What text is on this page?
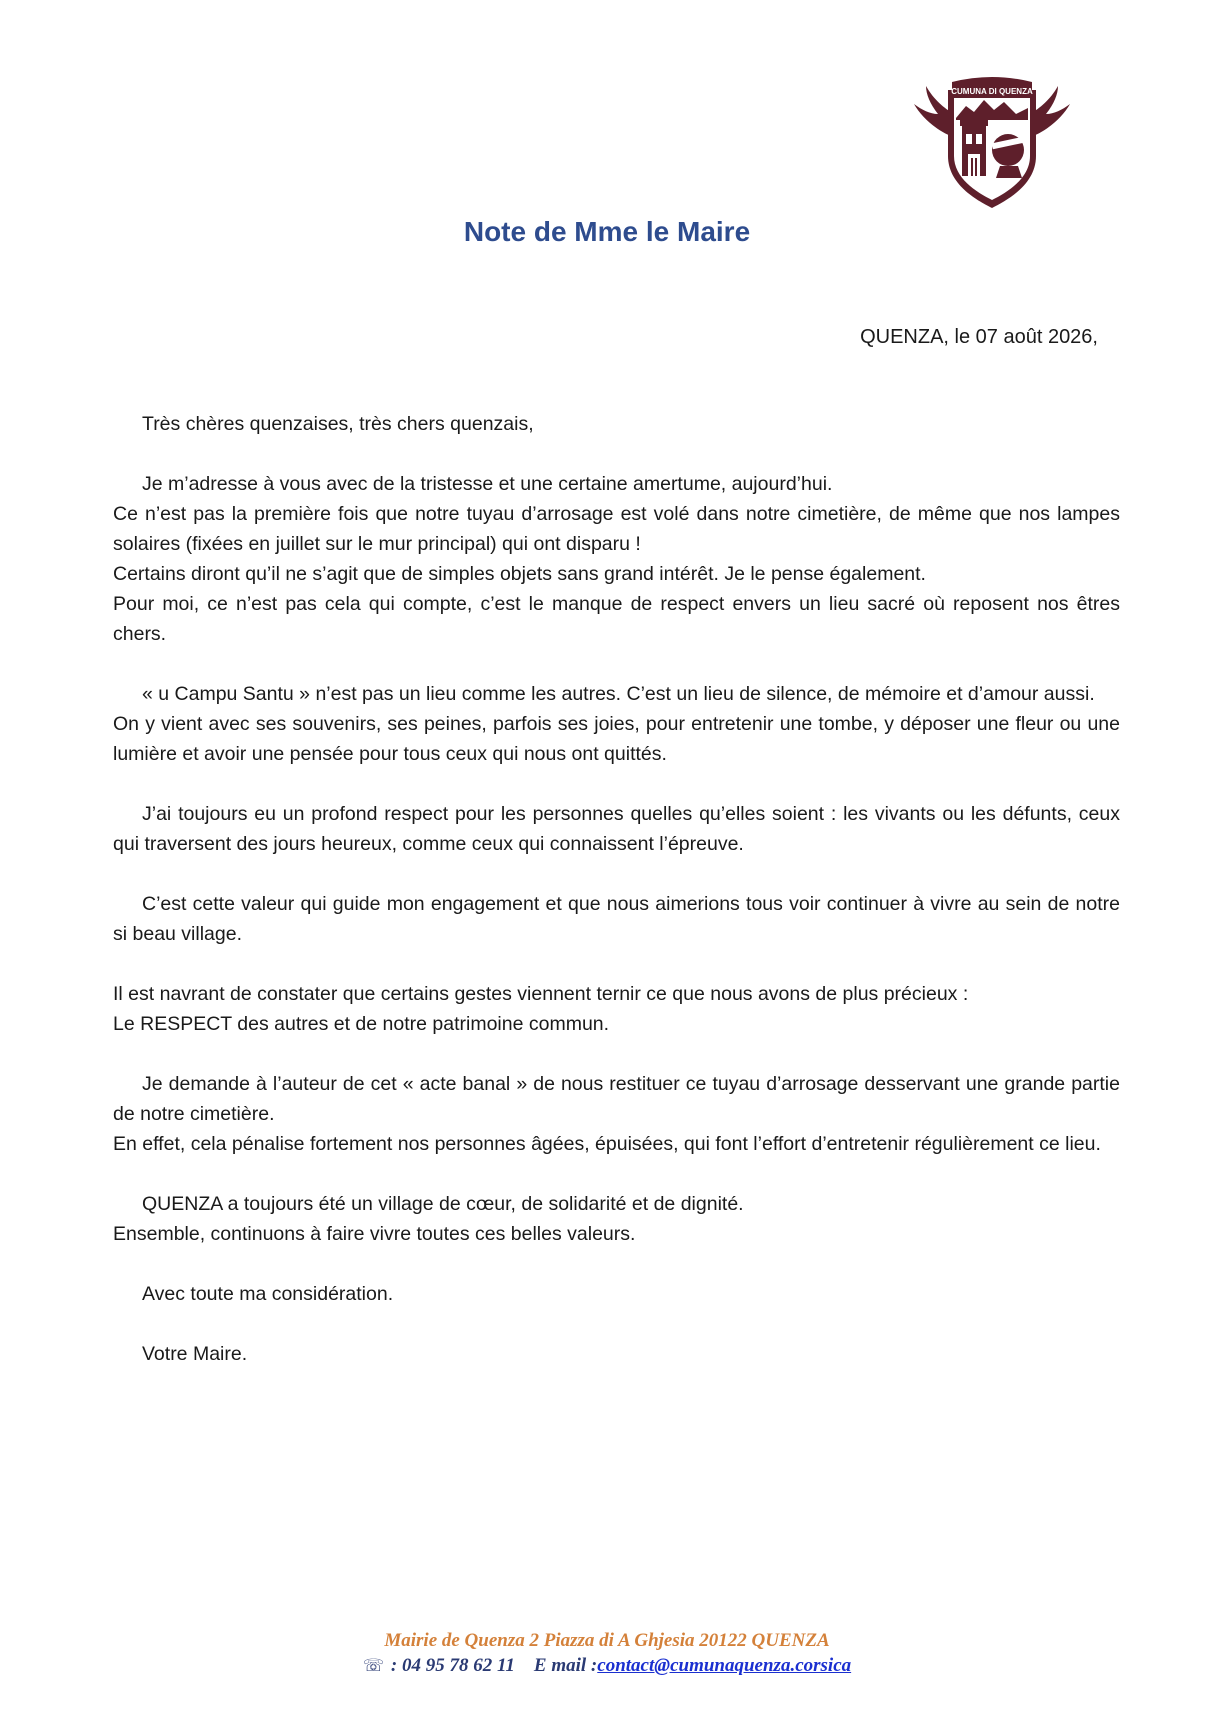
CUMUNA DI QUENZA
Note de Mme le Maire
QUENZA, le 07 août 2026,

Très chères quenzaises, très chers quenzais,

Je m’adresse à vous avec de la tristesse et une certaine amertume, aujourd’hui.

Ce n’est pas la première fois que notre tuyau d’arrosage est volé dans notre cimetière, de même que nos lampes solaires (fixées en juillet sur le mur principal) qui ont disparu !

Certains diront qu’il ne s’agit que de simples objets sans grand intérêt. Je le pense également.

Pour moi, ce n’est pas cela qui compte, c’est le manque de respect envers un lieu sacré où reposent nos êtres chers.

« u Campu Santu » n’est pas un lieu comme les autres. C’est un lieu de silence, de mémoire et d’amour aussi.

On y vient avec ses souvenirs, ses peines, parfois ses joies, pour entretenir une tombe, y déposer une fleur ou une lumière et avoir une pensée pour tous ceux qui nous ont quittés.

J’ai toujours eu un profond respect pour les personnes quelles qu’elles soient : les vivants ou les défunts, ceux qui traversent des jours heureux, comme ceux qui connaissent l’épreuve.

C’est cette valeur qui guide mon engagement et que nous aimerions tous voir continuer à vivre au sein de notre si beau village.

Il est navrant de constater que certains gestes viennent ternir ce que nous avons de plus précieux :

Le RESPECT des autres et de notre patrimoine commun.

Je demande à l’auteur de cet « acte banal » de nous restituer ce tuyau d’arrosage desservant une grande partie de notre cimetière.

En effet, cela pénalise fortement nos personnes âgées, épuisées, qui font l’effort d’entretenir régulièrement ce lieu.

QUENZA a toujours été un village de cœur, de solidarité et de dignité.

Ensemble, continuons à faire vivre toutes ces belles valeurs.

Avec toute ma considération.

Votre Maire.

Mairie de Quenza 2 Piazza di A Ghjesia 20122 QUENZA
☏ : 04 95 78 62 11 E mail :contact@cumunaquenza.corsica
